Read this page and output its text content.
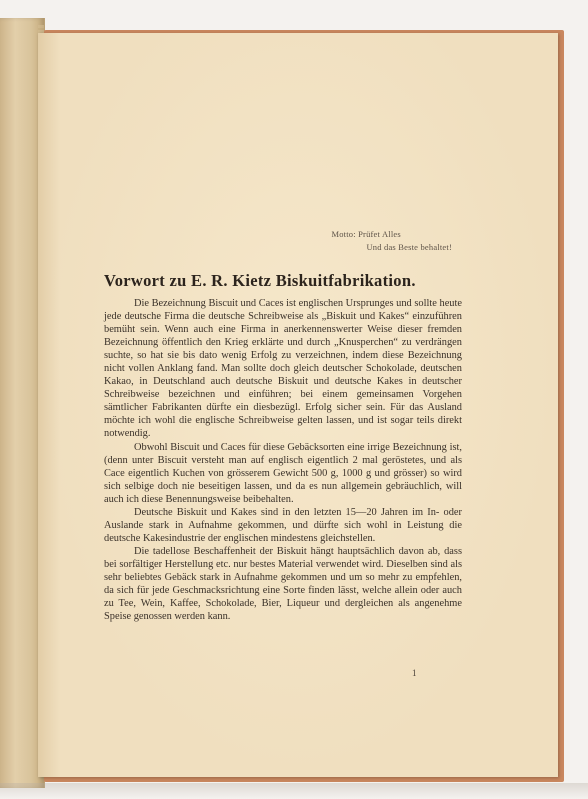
Motto: Prüfet Alles
Und das Beste behaltet!
Vorwort zu E. R. Kietz Biskuitfabrikation.

Die Bezeichnung Biscuit und Caces ist englischen Ursprunges und sollte heute jede deutsche Firma die deutsche Schreibweise als „Biskuit und Kakes“ einzuführen bemüht sein. Wenn auch eine Firma in anerkennenswerter Weise dieser fremden Bezeichnung öffentlich den Krieg erklärte und durch „Knusperchen“ zu verdrängen suchte, so hat sie bis dato wenig Erfolg zu verzeichnen, indem diese Bezeichnung nicht vollen Anklang fand. Man sollte doch gleich deutscher Schokolade, deutschen Kakao, in Deutschland auch deutsche Biskuit und deutsche Kakes in deutscher Schreibweise bezeichnen und einführen; bei einem gemeinsamen Vorgehen sämtlicher Fabrikanten dürfte ein diesbezügl. Erfolg sicher sein. Für das Ausland möchte ich wohl die englische Schreibweise gelten lassen, und ist sogar teils direkt notwendig.

Obwohl Biscuit und Caces für diese Gebäcksorten eine irrige Bezeichnung ist, (denn unter Biscuit versteht man auf englisch eigentlich 2 mal geröstetes, und als Cace eigentlich Kuchen von grösserem Gewicht 500 g, 1000 g und grösser) so wird sich selbige doch nie beseitigen lassen, und da es nun allgemein gebräuchlich, will auch ich diese Benennungsweise beibehalten.

Deutsche Biskuit und Kakes sind in den letzten 15—20 Jahren im In- oder Auslande stark in Aufnahme gekommen, und dürfte sich wohl in Leistung die deutsche Kakesindustrie der englischen mindestens gleichstellen.

Die tadellose Beschaffenheit der Biskuit hängt hauptsächlich davon ab, dass bei sorfältiger Herstellung etc. nur bestes Material verwendet wird. Dieselben sind als sehr beliebtes Gebäck stark in Aufnahme gekommen und um so mehr zu empfehlen, da sich für jede Geschmacksrichtung eine Sorte finden lässt, welche allein oder auch zu Tee, Wein, Kaffee, Schokolade, Bier, Liqueur und dergleichen als angenehme Speise genossen werden kann.

1
